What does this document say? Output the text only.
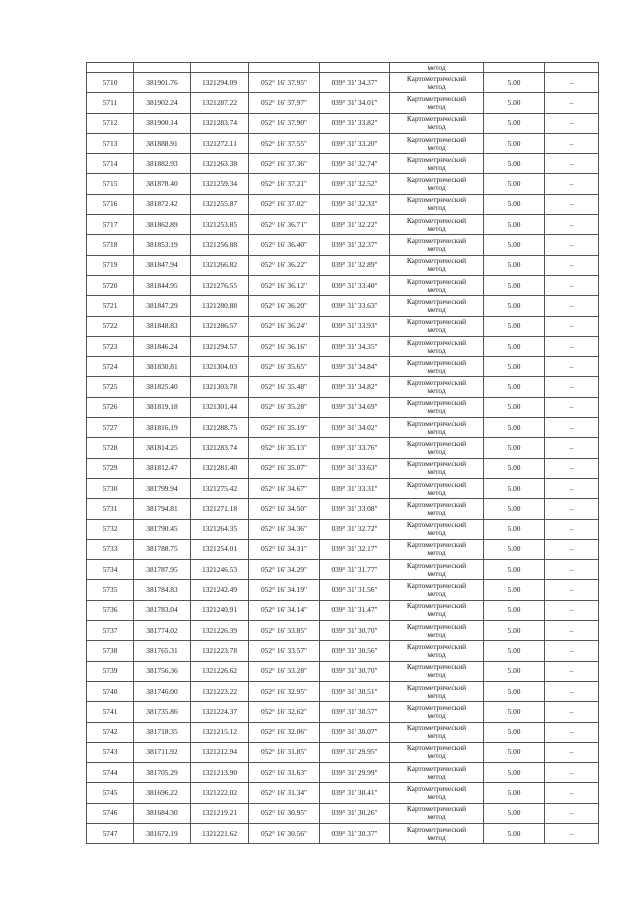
					метод		

5710	381901.76	1321294.09	052° 16' 37.95"	039° 31' 34.37"	Картометрический
метод	5.00	–
5711	381902.24	1321287.22	052° 16' 37.97"	039° 31' 34.01"	Картометрический
метод	5.00	–
5712	381900.14	1321283.74	052° 16' 37.90"	039° 31' 33.82"	Картометрический
метод	5.00	–
5713	381888.91	1321272.11	052° 16' 37.55"	039° 31' 33.20"	Картометрический
метод	5.00	–
5714	381882.93	1321263.38	052° 16' 37.36"	039° 31' 32.74"	Картометрический
метод	5.00	–
5715	381878.40	1321259.34	052° 16' 37.21"	039° 31' 32.52"	Картометрический
метод	5.00	–
5716	381872.42	1321255.87	052° 16' 37.02"	039° 31' 32.33"	Картометрический
метод	5.00	–
5717	381862.89	1321253.85	052° 16' 36.71"	039° 31' 32.22"	Картометрический
метод	5.00	–
5718	381853.19	1321256.88	052° 16' 36.40"	039° 31' 32.37"	Картометрический
метод	5.00	–
5719	381847.94	1321266.82	052° 16' 36.22"	039° 31' 32.89"	Картометрический
метод	5.00	–
5720	381844.95	1321276.55	052° 16' 36.12"	039° 31' 33.40"	Картометрический
метод	5.00	–
5721	381847.29	1321280.88	052° 16' 36.20"	039° 31' 33.63"	Картометрический
метод	5.00	–
5722	381848.83	1321286.57	052° 16' 36.24"	039° 31' 33.93"	Картометрический
метод	5.00	–
5723	381846.24	1321294.57	052° 16' 36.16"	039° 31' 34.35"	Картометрический
метод	5.00	–
5724	381830.81	1321304.03	052° 16' 35.65"	039° 31' 34.84"	Картометрический
метод	5.00	–
5725	381825.40	1321303.78	052° 16' 35.48"	039° 31' 34.82"	Картометрический
метод	5.00	–
5726	381819.18	1321301.44	052° 16' 35.28"	039° 31' 34.69"	Картометрический
метод	5.00	–
5727	381816.19	1321288.75	052° 16' 35.19"	039° 31' 34.02"	Картометрический
метод	5.00	–
5728	381814.25	1321283.74	052° 16' 35.13"	039° 31' 33.76"	Картометрический
метод	5.00	–
5729	381812.47	1321281.40	052° 16' 35.07"	039° 31' 33.63"	Картометрический
метод	5.00	–
5730	381799.94	1321275.42	052° 16' 34.67"	039° 31' 33.31"	Картометрический
метод	5.00	–
5731	381794.81	1321271.18	052° 16' 34.50"	039° 31' 33.08"	Картометрический
метод	5.00	–
5732	381790.45	1321264.35	052° 16' 34.36"	039° 31' 32.72"	Картометрический
метод	5.00	–
5733	381788.75	1321254.01	052° 16' 34.31"	039° 31' 32.17"	Картометрический
метод	5.00	–
5734	381787.95	1321246.53	052° 16' 34.29"	039° 31' 31.77"	Картометрический
метод	5.00	–
5735	381784.83	1321242.49	052° 16' 34.19"	039° 31' 31.56"	Картометрический
метод	5.00	–
5736	381783.04	1321240.91	052° 16' 34.14"	039° 31' 31.47"	Картометрический
метод	5.00	–
5737	381774.02	1321226.39	052° 16' 33.85"	039° 31' 30.70"	Картометрический
метод	5.00	–
5738	381765.31	1321223.78	052° 16' 33.57"	039° 31' 30.56"	Картометрический
метод	5.00	–
5739	381756.36	1321226.62	052° 16' 33.28"	039° 31' 30.70"	Картометрический
метод	5.00	–
5740	381746.00	1321223.22	052° 16' 32.95"	039° 31' 30.51"	Картометрический
метод	5.00	–
5741	381735.86	1321224.37	052° 16' 32.62"	039° 31' 30.57"	Картометрический
метод	5.00	–
5742	381718.35	1321215.12	052° 16' 32.06"	039° 31' 30.07"	Картометрический
метод	5.00	–
5743	381711.92	1321212.94	052° 16' 31.85"	039° 31' 29.95"	Картометрический
метод	5.00	–
5744	381705.29	1321213.90	052° 16' 31.63"	039° 31' 29.99"	Картометрический
метод	5.00	–
5745	381696.22	1321222.02	052° 16' 31.34"	039° 31' 30.41"	Картометрический
метод	5.00	–
5746	381684.30	1321219.21	052° 16' 30.95"	039° 31' 30.26"	Картометрический
метод	5.00	–
5747	381672.19	1321221.62	052° 16' 30.56"	039° 31' 30.37"	Картометрический
метод	5.00	–
